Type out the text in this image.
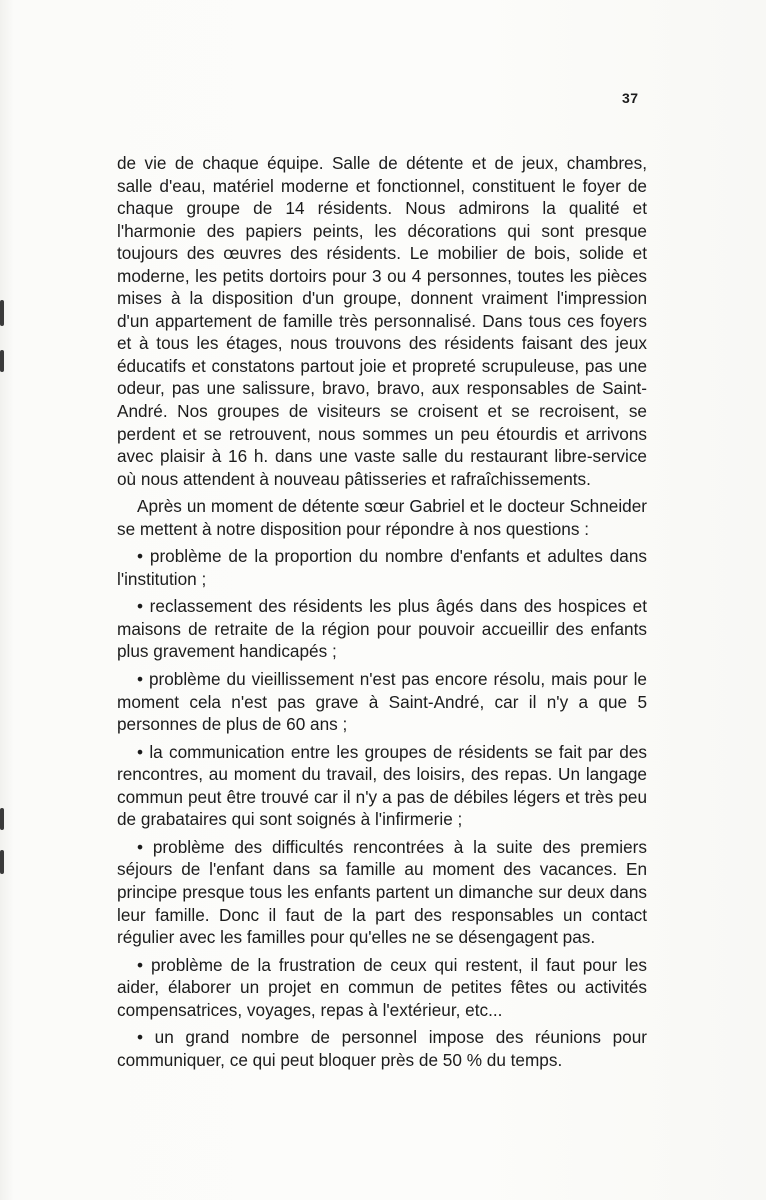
37

de vie de chaque équipe. Salle de détente et de jeux, chambres, salle d'eau, matériel moderne et fonctionnel, constituent le foyer de chaque groupe de 14 résidents. Nous admirons la qualité et l'harmonie des papiers peints, les décorations qui sont presque toujours des œuvres des résidents. Le mobilier de bois, solide et moderne, les petits dortoirs pour 3 ou 4 personnes, toutes les pièces mises à la disposition d'un groupe, donnent vraiment l'impression d'un appartement de famille très personnalisé. Dans tous ces foyers et à tous les étages, nous trouvons des résidents faisant des jeux éducatifs et constatons partout joie et propreté scrupuleuse, pas une odeur, pas une salissure, bravo, bravo, aux responsables de Saint-André. Nos groupes de visiteurs se croisent et se recroisent, se perdent et se retrouvent, nous sommes un peu étourdis et arrivons avec plaisir à 16 h. dans une vaste salle du restaurant libre-service où nous attendent à nouveau pâtisseries et rafraîchissements.

Après un moment de détente sœur Gabriel et le docteur Schneider se mettent à notre disposition pour répondre à nos questions :

• problème de la proportion du nombre d'enfants et adultes dans l'institution ;

• reclassement des résidents les plus âgés dans des hospices et maisons de retraite de la région pour pouvoir accueillir des enfants plus gravement handicapés ;

• problème du vieillissement n'est pas encore résolu, mais pour le moment cela n'est pas grave à Saint-André, car il n'y a que 5 personnes de plus de 60 ans ;

• la communication entre les groupes de résidents se fait par des rencontres, au moment du travail, des loisirs, des repas. Un langage commun peut être trouvé car il n'y a pas de débiles légers et très peu de grabataires qui sont soignés à l'infirmerie ;

• problème des difficultés rencontrées à la suite des premiers séjours de l'enfant dans sa famille au moment des vacances. En principe presque tous les enfants partent un dimanche sur deux dans leur famille. Donc il faut de la part des responsables un contact régulier avec les familles pour qu'elles ne se désengagent pas.

• problème de la frustration de ceux qui restent, il faut pour les aider, élaborer un projet en commun de petites fêtes ou activités compensatrices, voyages, repas à l'extérieur, etc...

• un grand nombre de personnel impose des réunions pour communiquer, ce qui peut bloquer près de 50 % du temps.
